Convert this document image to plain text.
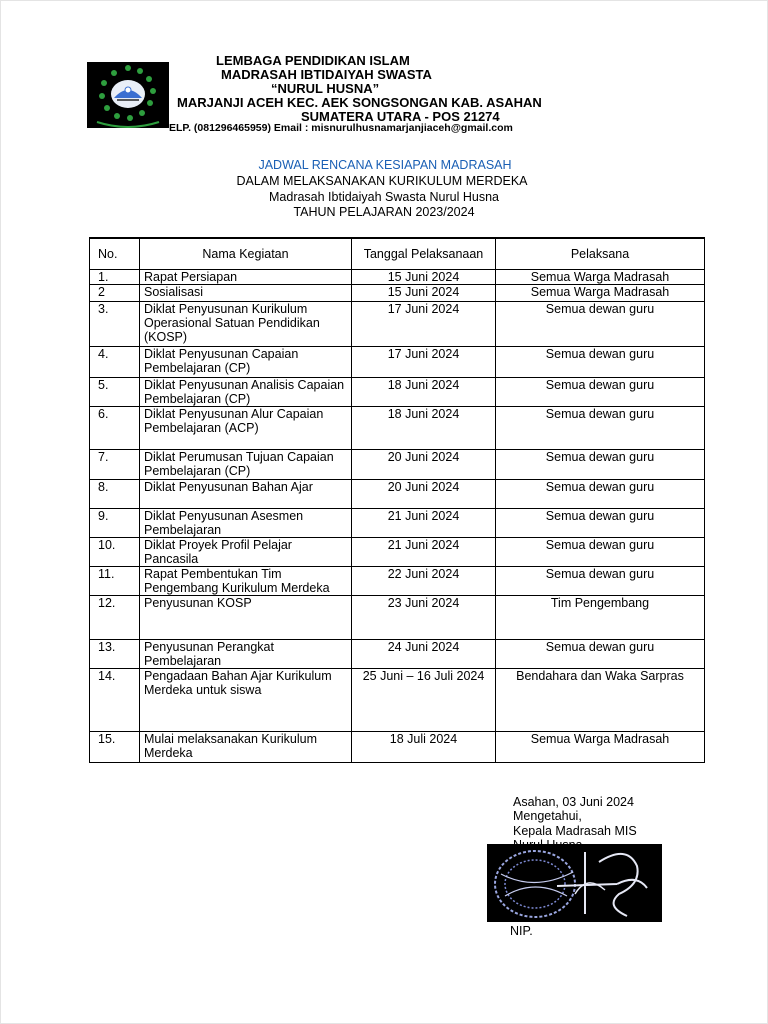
LEMBAGA PENDIDIKAN ISLAM
MADRASAH IBTIDAIYAH SWASTA
“NURUL HUSNA”
MARJANJI ACEH KEC. AEK SONGSONGAN KAB. ASAHAN
SUMATERA UTARA - POS 21274
ELP. (081296465959) Email : misnurulhusnamarjanjiaceh@gmail.com
JADWAL RENCANA KESIAPAN MADRASAH
DALAM MELAKSANAKAN KURIKULUM MERDEKA
Madrasah Ibtidaiyah Swasta Nurul Husna
TAHUN PELAJARAN 2023/2024
No.	Nama Kegiatan	Tanggal Pelaksanaan	Pelaksana
1.	Rapat Persiapan	15 Juni 2024	Semua Warga Madrasah
2	Sosialisasi	15 Juni 2024	Semua Warga Madrasah
3.	Diklat Penyusunan Kurikulum Operasional Satuan Pendidikan (KOSP)	17 Juni 2024	Semua dewan guru
4.	Diklat Penyusunan Capaian Pembelajaran (CP)	17 Juni 2024	Semua dewan guru
5.	Diklat Penyusunan Analisis Capaian Pembelajaran (CP)	18 Juni 2024	Semua dewan guru
6.	Diklat Penyusunan Alur Capaian Pembelajaran (ACP)	18 Juni 2024	Semua dewan guru
7.	Diklat Perumusan Tujuan Capaian Pembelajaran (CP)	20 Juni 2024	Semua dewan guru
8.	Diklat Penyusunan Bahan Ajar	20 Juni 2024	Semua dewan guru
9.	Diklat Penyusunan Asesmen Pembelajaran	21 Juni 2024	Semua dewan guru
10.	Diklat Proyek Profil Pelajar Pancasila	21 Juni 2024	Semua dewan guru
11.	Rapat Pembentukan Tim Pengembang Kurikulum Merdeka	22 Juni 2024	Semua dewan guru
12.	Penyusunan KOSP	23 Juni 2024	Tim Pengembang
13.	Penyusunan Perangkat Pembelajaran	24 Juni 2024	Semua dewan guru
14.	Pengadaan Bahan Ajar Kurikulum Merdeka untuk siswa	25 Juni – 16 Juli 2024	Bendahara dan Waka Sarpras
15.	Mulai melaksanakan Kurikulum Merdeka	18 Juli 2024	Semua Warga Madrasah
Asahan, 03 Juni 2024
Mengetahui,
Kepala Madrasah MIS
NIP.
